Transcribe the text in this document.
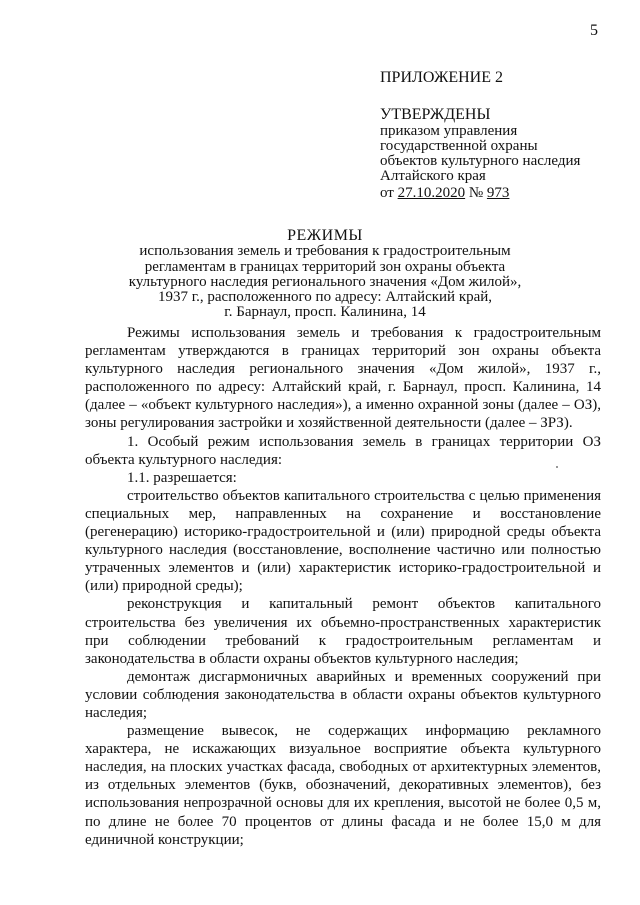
5
ПРИЛОЖЕНИЕ 2
УТВЕРЖДЕНЫ
приказом управления
государственной охраны
объектов культурного наследия
Алтайского края
от 27.10.2020 № 973
РЕЖИМЫ
использования земель и требования к градостроительным
регламентам в границах территорий зон охраны объекта
культурного наследия регионального значения «Дом жилой»,
1937 г., расположенного по адресу: Алтайский край,
г. Барнаул, просп. Калинина, 14

Режимы использования земель и требования к градостроительным регламентам утверждаются в границах территорий зон охраны объекта культурного наследия регионального значения «Дом жилой», 1937 г., расположенного по адресу: Алтайский край, г. Барнаул, просп. Калинина, 14 (далее – «объект культурного наследия»), а именно охранной зоны (далее – ОЗ), зоны регулирования застройки и хозяйственной деятельности (далее – ЗРЗ).

1. Особый режим использования земель в границах территории ОЗ объекта культурного наследия:

1.1. разрешается:

строительство объектов капитального строительства с целью применения специальных мер, направленных на сохранение и восстановление (регенерацию) историко-градостроительной и (или) природной среды объекта культурного наследия (восстановление, восполнение частично или полностью утраченных элементов и (или) характеристик историко-градостроительной и (или) природной среды);

реконструкция и капитальный ремонт объектов капитального строительства без увеличения их объемно-пространственных характеристик при соблюдении требований к градостроительным регламентам и законодательства в области охраны объектов культурного наследия;

демонтаж дисгармоничных аварийных и временных сооружений при условии соблюдения законодательства в области охраны объектов культурного наследия;

размещение вывесок, не содержащих информацию рекламного характера, не искажающих визуальное восприятие объекта культурного наследия, на плоских участках фасада, свободных от архитектурных элементов, из отдельных элементов (букв, обозначений, декоративных элементов), без использования непрозрачной основы для их крепления, высотой не более 0,5 м, по длине не более 70 процентов от длины фасада и не более 15,0 м для единичной конструкции;
